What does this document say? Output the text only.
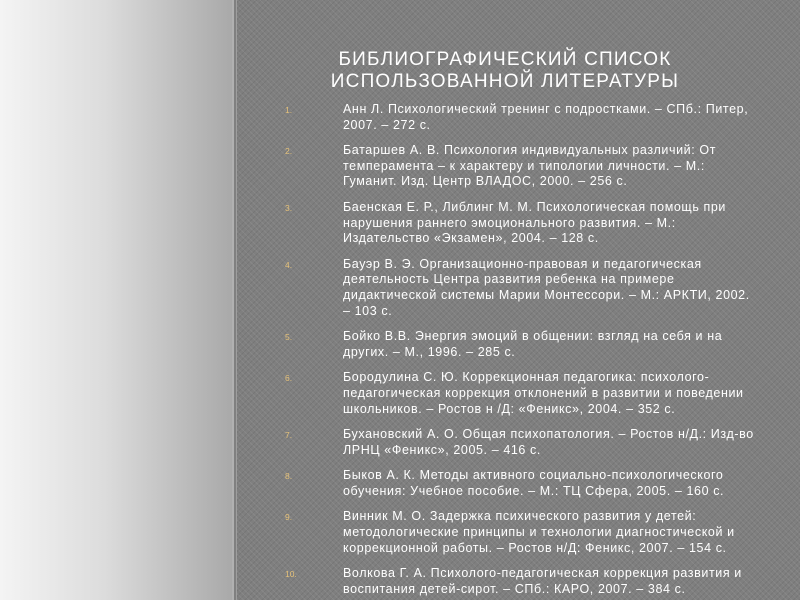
БИБЛИОГРАФИЧЕСКИЙ СПИСОК
ИСПОЛЬЗОВАННОЙ ЛИТЕРАТУРЫ
1.	Анн Л. Психологический тренинг с подростками. – СПб.: Питер, 2007. – 272 с.
2.	Батаршев А. В. Психология индивидуальных различий: От темперамента – к характеру и типологии личности. – М.: Гуманит. Изд. Центр ВЛАДОС, 2000. – 256 с.
3.	Баенская Е. Р., Либлинг М. М. Психологическая помощь при нарушения раннего эмоционального развития. – М.: Издательство «Экзамен», 2004. – 128 с.
4.	Бауэр В. Э. Организационно-правовая и педагогическая деятельность Центра развития ребенка на примере дидактической системы Марии Монтессори. – М.: АРКТИ, 2002. – 103 с.
5.	Бойко В.В. Энергия эмоций в общении: взгляд на себя и на других. – М., 1996. – 285 с.
6.	Бородулина С. Ю. Коррекционная педагогика: психолого-педагогическая коррекция отклонений в развитии и поведении школьников. – Ростов н /Д: «Феникс», 2004. – 352 с.
7.	Бухановский А. О. Общая психопатология. – Ростов н/Д.: Изд-во ЛРНЦ «Феникс», 2005. – 416 с.
8.	Быков А. К. Методы активного социально-психологического обучения: Учебное пособие. – М.: ТЦ Сфера, 2005. – 160 с.
9.	Винник М. О. Задержка психического развития у детей: методологические принципы и технологии диагностической и коррекционной работы. – Ростов н/Д: Феникс, 2007. – 154 с.
10.	Волкова Г. А. Психолого-педагогическая коррекция развития и воспитания детей-сирот. – СПб.: КАРО, 2007. – 384 с.
